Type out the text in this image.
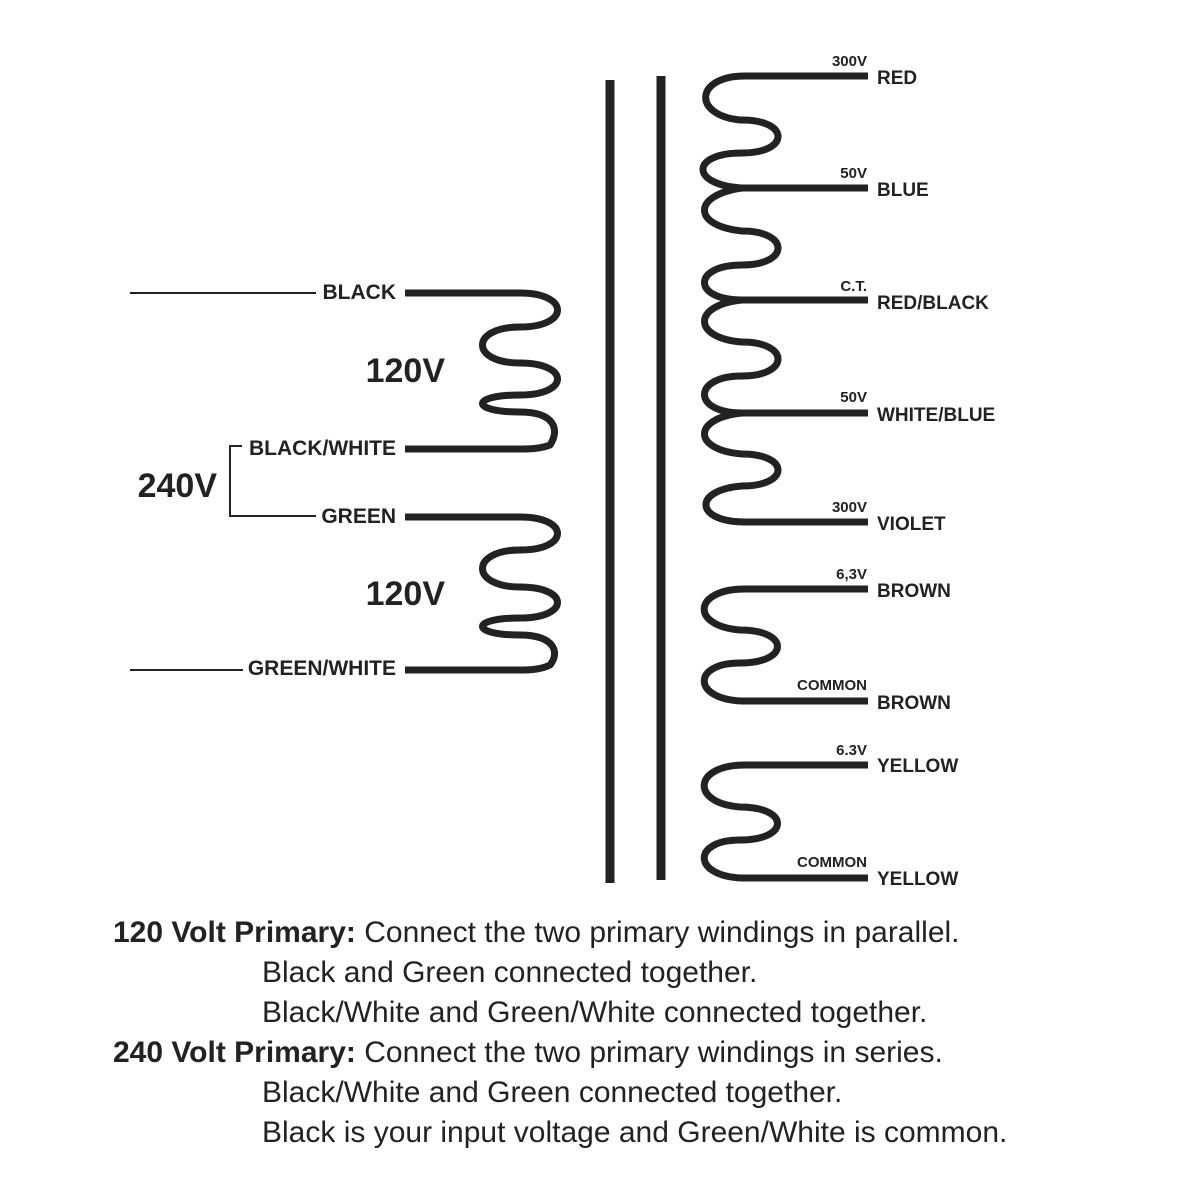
BLACK
BLACK/WHITE
GREEN
GREEN/WHITE
120V
120V
240V
300V
RED
50V
BLUE
C.T.
RED/BLACK
50V
WHITE/BLUE
300V
VIOLET
6,3V
BROWN
COMMON
BROWN
6.3V
YELLOW
COMMON
YELLOW
120 Volt Primary: Connect the two primary windings in parallel.
Black and Green connected together.
Black/White and Green/White connected together.
240 Volt Primary: Connect the two primary windings in series.
Black/White and Green connected together.
Black is your input voltage and Green/White is common.
